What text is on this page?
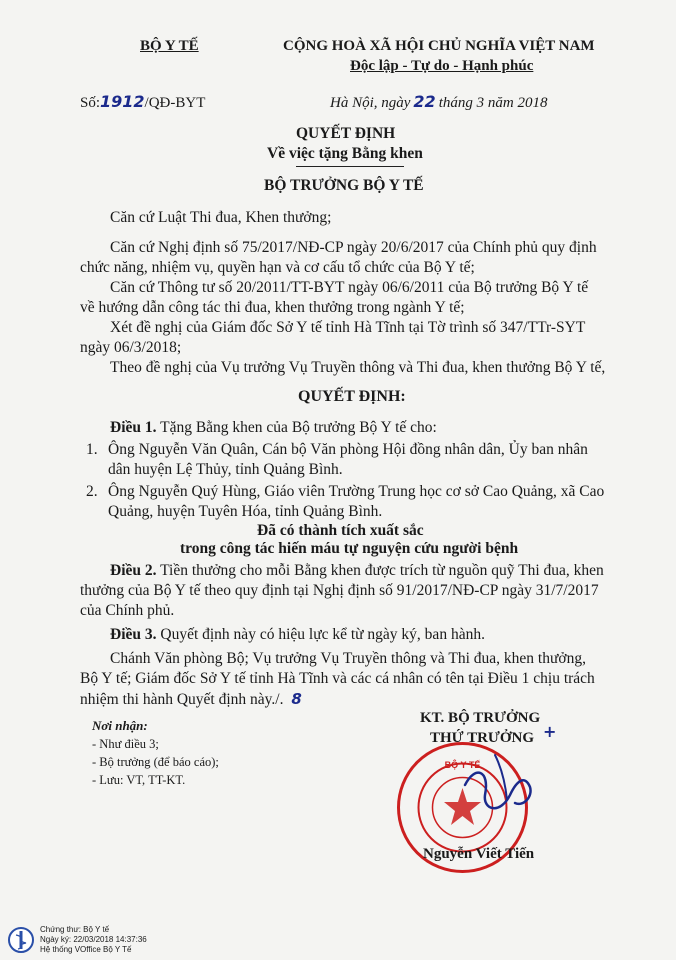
BỘ Y TẾ	CỘNG HOÀ XÃ HỘI CHỦ NGHĨA VIỆT NAM
Độc lập - Tự do - Hạnh phúc
Số:1912/QĐ-BYT	Hà Nội, ngày 22 tháng 3 năm 2018
QUYẾT ĐỊNH
Về việc tặng Bằng khen
BỘ TRƯỞNG BỘ Y TẾ
Căn cứ Luật Thi đua, Khen thưởng;
Căn cứ Nghị định số 75/2017/NĐ-CP ngày 20/6/2017 của Chính phủ quy định
chức năng, nhiệm vụ, quyền hạn và cơ cấu tổ chức của Bộ Y tế;
Căn cứ Thông tư số 20/2011/TT-BYT ngày 06/6/2011 của Bộ trưởng Bộ Y tế
về hướng dẫn công tác thi đua, khen thưởng trong ngành Y tế;
Xét đề nghị của Giám đốc Sở Y tế tỉnh Hà Tĩnh tại Tờ trình số 347/TTr-SYT
ngày 06/3/2018;
Theo đề nghị của Vụ trưởng Vụ Truyền thông và Thi đua, khen thưởng Bộ Y tế,
QUYẾT ĐỊNH:
Điều 1. Tặng Bằng khen của Bộ trưởng Bộ Y tế cho:
1. Ông Nguyễn Văn Quân, Cán bộ Văn phòng Hội đồng nhân dân, Ủy ban nhân
dân huyện Lệ Thủy, tỉnh Quảng Bình.
2. Ông Nguyễn Quý Hùng, Giáo viên Trường Trung học cơ sở Cao Quảng, xã Cao
Quảng, huyện Tuyên Hóa, tỉnh Quảng Bình.
Đã có thành tích xuất sắc
trong công tác hiến máu tự nguyện cứu người bệnh
Điều 2. Tiền thưởng cho mỗi Bằng khen được trích từ nguồn quỹ Thi đua, khen
thưởng của Bộ Y tế theo quy định tại Nghị định số 91/2017/NĐ-CP ngày 31/7/2017
của Chính phủ.
Điều 3. Quyết định này có hiệu lực kể từ ngày ký, ban hành.
Chánh Văn phòng Bộ; Vụ trưởng Vụ Truyền thông và Thi đua, khen thưởng,
Bộ Y tế; Giám đốc Sở Y tế tỉnh Hà Tĩnh và các cá nhân có tên tại Điều 1 chịu trách
nhiệm thi hành Quyết định này./. 8
Nơi nhận:
- Như điều 3;
- Bộ trưởng (để báo cáo);
- Lưu: VT, TT-KT.
KT. BỘ TRƯỞNG
THỨ TRƯỞNG +
BỘ Y TẾ
Nguyễn Viết Tiến
Chứng thư: Bộ Y tế
Ngày ký: 22/03/2018 14:37:36
Hệ thống VOffice Bộ Y Tế
